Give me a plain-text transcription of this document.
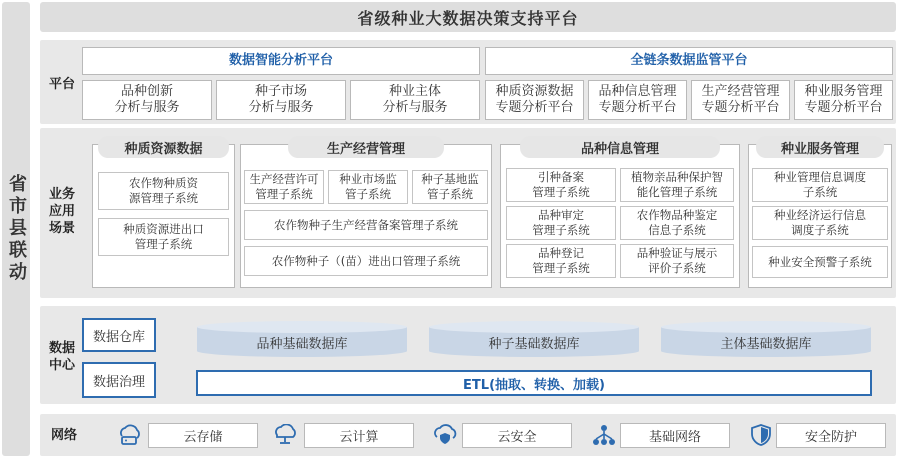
省市县联动
省级种业大数据决策支持平台
平台
数据智能分析平台	全链条数据监管平台
品种创新
分析与服务
种子市场
分析与服务
种业主体
分析与服务
种质资源数据
专题分析平台
品种信息管理
专题分析平台
生产经营管理
专题分析平台
种业服务管理
专题分析平台
业务
应用
场景
种质资源数据
农作物种质资
源管理子系统
种质资源进出口
管理子系统
生产经营管理
生产经营许可
管理子系统
种业市场监
管子系统
种子基地监
管子系统
农作物种子生产经营备案管理子系统
农作物种子（(苗）进出口管理子系统
品种信息管理
引种备案
管理子系统
品种审定
管理子系统
品种登记
管理子系统
植物亲品种保护智
能化管理子系统
农作物品种鉴定
信息子系统
品种验证与展示
评价子系统
种业服务管理
种业管理信息调度
子系统
种业经济运行信息
调度子系统
种业安全预警子系统
数据
中心
数据仓库
数据治理
品种基础数据库	种子基础数据库	主体基础数据库
ETL(抽取、转换、加载)
网络	云存储	云计算	云安全	基础网络	安全防护
